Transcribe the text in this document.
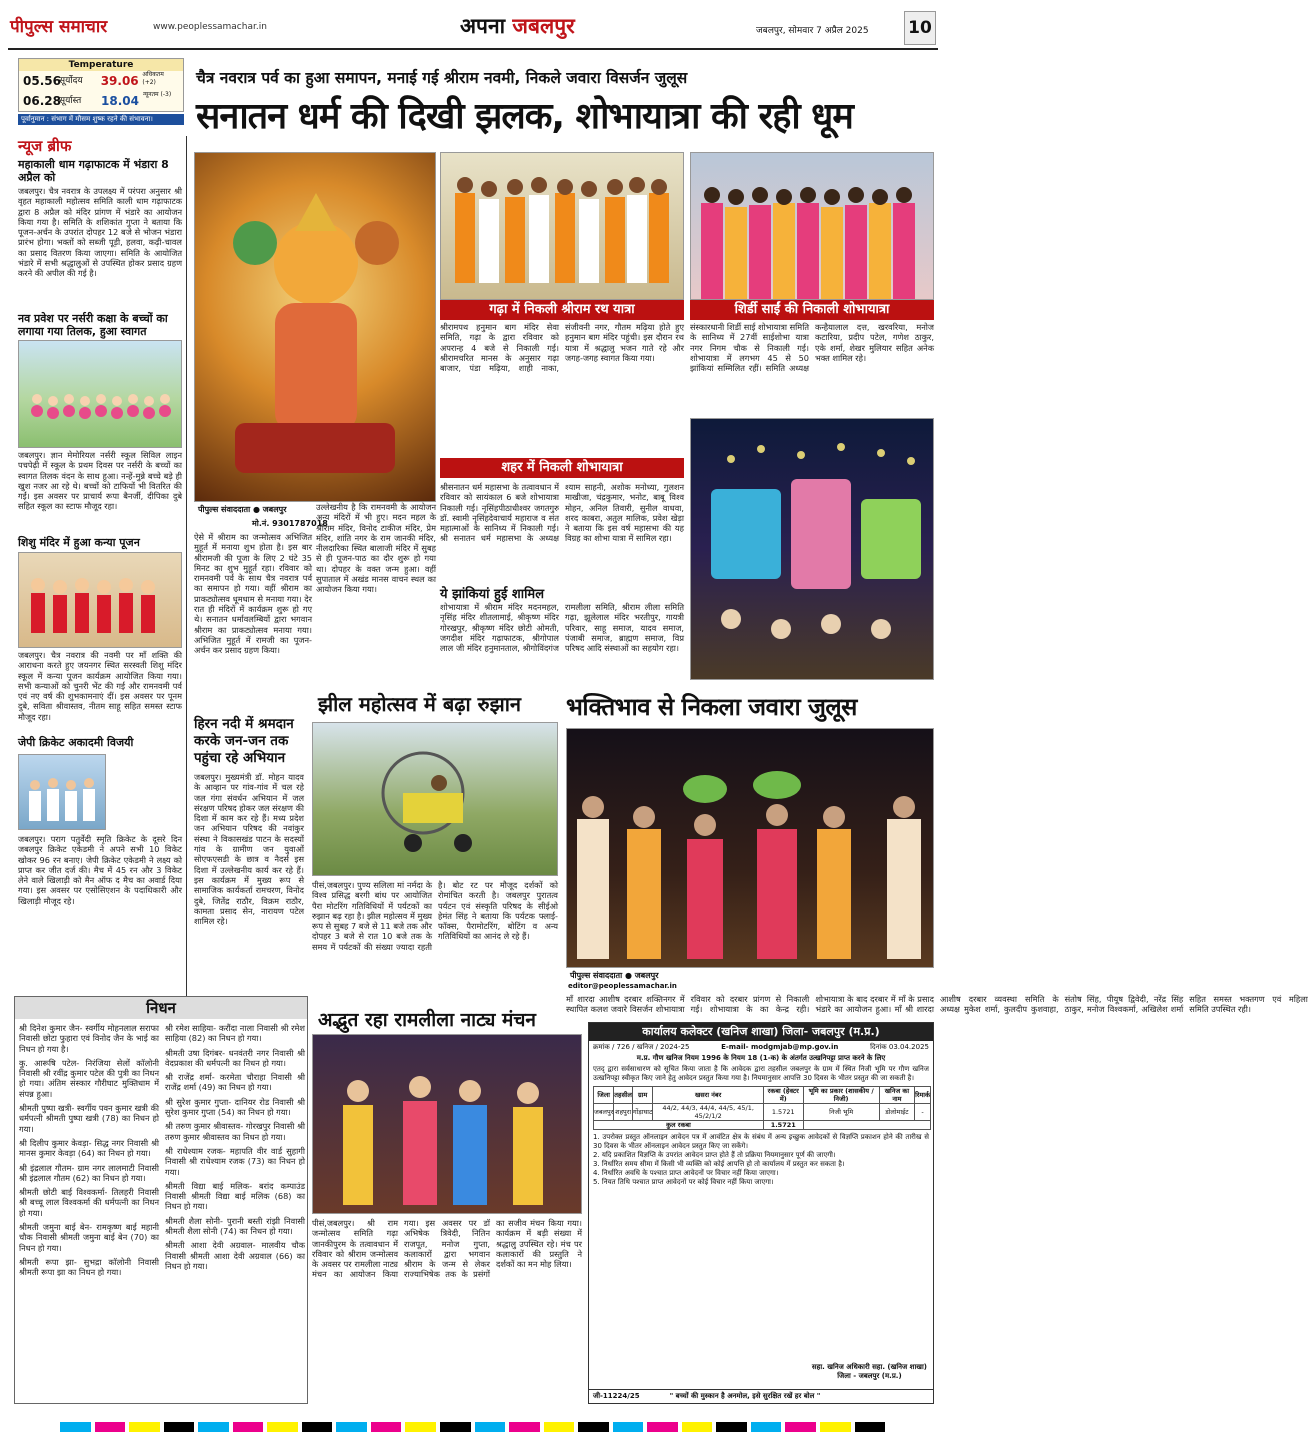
पीपुल्स समाचार	www.peoplessamachar.in	अपना जबलपुर	जबलपुर, सोमवार 7 अप्रैल 2025 10
Temperature
05.56
सूर्योदय	39.06 अधिकतम (+2)
06.28
सूर्यास्त	18.04 न्यूनतम (-3)
पूर्वानुमान : संभाग में मौसम शुष्क रहने की संभावना।
चैत्र नवरात्र पर्व का हुआ समापन, मनाई गई श्रीराम नवमी, निकले जवारा विसर्जन जुलूस
सनातन धर्म की दिखी झलक, शोभायात्रा की रही धूम
न्यूज ब्रीफ
महाकाली धाम गढ़ाफाटक में भंडारा 8 अप्रैल को
जबलपुर। चैत्र नवरात्र के उपलक्ष्य में परंपरा अनुसार श्री वृहत महाकाली महोत्सव समिति काली धाम गढ़ाफाटक द्वारा 8 अप्रैल को मंदिर प्रांगण में भंडारे का आयोजन किया गया है। समिति के शशिकांत गुप्ता ने बताया कि पूजन-अर्चन के उपरांत दोपहर 12 बजे से भोजन भंडारा प्रारंभ होगा। भक्तों को सब्जी पूड़ी, हलवा, कढ़ी-चावल का प्रसाद वितरण किया जाएगा। समिति के आयोजित भंडारे में सभी श्रद्धालुओं से उपस्थित होकर प्रसाद ग्रहण करने की अपील की गई है।
नव प्रवेश पर नर्सरी कक्षा के बच्चों का लगाया गया तिलक, हुआ स्वागत
जबलपुर। ज्ञान मेमोरियल नर्सरी स्कूल सिविल लाइन पचपेढ़ी में स्कूल के प्रथम दिवस पर नर्सरी के बच्चों का स्वागत तिलक वंदन के साथ हुआ। नन्हें-मुन्ने बच्चे बड़े ही खुश नजर आ रहे थे। बच्चों को टाफियों भी वितरित की गईं। इस अवसर पर प्राचार्य रूपा बैनर्जी, दीपिका दुबे सहित स्कूल का स्टाफ मौजूद रहा।
शिशु मंदिर में हुआ कन्या पूजन
जबलपुर। चैत्र नवरात्र की नवमी पर माँ शक्ति की आराधना करते हुए जयनगर स्थित सरस्वती शिशु मंदिर स्कूल में कन्या पूजन कार्यक्रम आयोजित किया गया। सभी कन्याओं को चुनरी भेंट की गई और रामनवमी पर्व एवं नए वर्ष की शुभकामनाएं दीं। इस अवसर पर पूनम दुबे, सविता श्रीवास्तव, नीतम साहू सहित समस्त स्टाफ मौजूद रहा।
जेपी क्रिकेट अकादमी विजयी
जबलपुर। पराग पतुर्वेदी स्मृति क्रिकेट के दूसरे दिन जबलपुर क्रिकेट एकेडमी ने अपने सभी 10 विकेट खोकर 96 रन बनाए। जेपी क्रिकेट एकेडमी ने लक्ष्य को प्राप्त कर जीत दर्ज की। मैच में 45 रन और 3 विकेट लेने वाले खिलाड़ी को मैन ऑफ द मैच का अवार्ड दिया गया। इस अवसर पर एसोसिएशन के पदाधिकारी और खिलाड़ी मौजूद रहे।
पीपुल्स संवाददाता ● जबलपुर
मो.नं. 9301787018
ऐसे में श्रीराम का जन्मोत्सव अभिजित मुहूर्त में मनाया शुभ होता है। इस बार श्रीरामजी की पूजा के लिए 2 घंटे 35 मिनट का शुभ मुहूर्त रहा। रविवार को रामनवमी पर्व के साथ चैत्र नवरात्र पर्व का समापन हो गया। वहीं श्रीराम का प्राकट्योत्सव धूमधाम से मनाया गया। देर रात ही मंदिरों में कार्यक्रम शुरू हो गए थे। सनातन धर्मावलम्बियों द्वारा भगवान श्रीराम का प्राकट्योत्सव मनाया गया। अभिजित मुहूर्त में रामजी का पूजन-अर्चन कर प्रसाद ग्रहण किया।
उल्लेखनीय है कि रामनवमी के आयोजन अन्य मंदिरों में भी हुए। मदन महल के श्रीराम मंदिर, विनोद टाकीज मंदिर, प्रेम मंदिर, शांति नगर के राम जानकी मंदिर, नीलदारिका स्थित बालाजी मंदिर में सुबह से ही पूजन-पाठ का दौर शुरू हो गया था। दोपहर के वक्त जन्म हुआ। वहीं सुपाताल में अखंड मानस वाचन स्थल का आयोजन किया गया।
गढ़ा में निकली श्रीराम रथ यात्रा
श्रीरामपथ हनुमान बाग मंदिर सेवा समिति, गढ़ा के द्वारा रविवार को अपरान्ह 4 बजे से निकाली गई। श्रीरामचरित मानस के अनुसार गढ़ा बाजार, पंडा मढ़िया, शाही नाका, संजीवनी नगर, गौतम मढ़िया होते हुए हनुमान बाग मंदिर पहुंची। इस दौरान रथ यात्रा में श्रद्धालु भजन गाते रहे और जगह-जगह स्वागत किया गया।
शिर्डी साईं की निकाली शोभायात्रा
संस्कारधानी शिर्डी साई शोभायात्रा समिति के सानिध्य में 27वीं साईशोभा यात्रा नगर निगम चौक से निकाली गई। शोभायात्रा में लगभग 45 से 50 झांकियां सम्मिलित रहीं। समिति अध्यक्ष कन्हैयालाल दत्त, खरवरिया, मनोज कटारिया, प्रदीप पटेल, गणेश ठाकुर, एके शर्मा, शेखर मुलियार सहित अनेक भक्त शामिल रहे।
शहर में निकली शोभायात्रा
श्रीसनातन धर्म महासभा के तत्वावधान में रविवार को सायंकाल 6 बजे शोभायात्रा निकाली गई। नृसिंहपीठाधीश्वर जगतगुरु डॉ. स्वामी नृसिंहदेवाचार्य महाराज व संत महात्माओं के सानिध्य में निकाली गई। श्री सनातन धर्म महासभा के अध्यक्ष श्याम साहनी, अशोक मनोध्या, गुलशन माखीजा, चंद्रकुमार, भनोट, बाबू विश्व मोहन, अनिल तिवारी, सुनील वाधवा, शरद काबरा, अतुल मालिक, प्रवेश खेड़ा ने बताया कि इस वर्ष महासभा की यह विग्रह का शोभा यात्रा में सामिल रहा।
ये झांकियां हुई शामिल
शोभायात्रा में श्रीराम मंदिर मदनमहल, नृसिंह मंदिर शीतलामाई, श्रीकृष्ण मंदिर गोरखपुर, श्रीकृष्ण मंदिर छोटी ओमती, जगदीश मंदिर गढ़ाफाटक, श्रीगोपाल लाल जी मंदिर हनुमानताल, श्रीगोविंदगंज रामलीला समिति, श्रीराम लीला समिति गढ़ा, झूलेलाल मंदिर भरतीपुर, गायत्री परिवार, साहू समाज, यादव समाज, पंजाबी समाज, ब्राह्मण समाज, विप्र परिषद आदि संस्थाओं का सहयोग रहा।
हिरन नदी में श्रमदान करके जन-जन तक पहुंचा रहे अभियान
जबलपुर। मुख्यमंत्री डॉ. मोहन यादव के आव्हान पर गांव-गांव में चल रहे जल गंगा संवर्धन अभियान में जल संरक्षण परिषद होकर जल संरक्षण की दिशा में काम कर रहे हैं। मध्य प्रदेश जन अभियान परिषद की नवांकुर संस्था ने विकासखंड पाटन के सदस्यों गांव के ग्रामीण जन युवाओं सोएफएसडी के छात्र व नैदर्स इस दिशा में उल्लेखनीय कार्य कर रहे हैं। इस कार्यक्रम में मुख्य रूप से सामाजिक कार्यकर्ता रामचरण, विनोद दुबे, जितेंद्र राठौर, विक्रम राठौर, कामता प्रसाद सेन, नारायण पटेल शामिल रहे।
झील महोत्सव में बढ़ा रुझान
पीसं,जबलपुर। पुण्य सलिला मां नर्मदा के विश्व प्रसिद्ध बरगी बांध पर आयोजित पैरा मोटरिंग गतिविधियों में पर्यटकों का रुझान बढ़ रहा है। झील महोत्सव में मुख्य रूप से सुबह 7 बजे से 11 बजे तक और दोपहर 3 बजे से रात 10 बजे तक के समय में पर्यटकों की संख्या ज्यादा रहती है। बोट रट पर मौजूद दर्शकों को रोमांचित करती है। जबलपुर पुरातत्व पर्यटन एवं संस्कृति परिषद के सीईओ हेमंत सिंह ने बताया कि पर्यटक फ्लाई-फॉक्स, पैरामोटरिंग, बोटिंग व अन्य गतिविधियों का आनंद ले रहे हैं।
भक्तिभाव से निकला जवारा जुलूस
पीपुल्स संवाददाता ● जबलपुर
editor@peoplessamachar.in
माँ शारदा आशीष दरबार शक्तिनगर में स्थापित कलश जवारे विसर्जन शोभायात्रा रविवार को दरबार प्रांगण से निकाली गई। शोभायात्रा के का केन्द्र रही। शोभायात्रा के बाद दरबार में माँ के प्रसाद भंडारे का आयोजन हुआ। माँ श्री शारदा आशीष दरबार व्यवस्था समिति के अध्यक्ष मुकेश शर्मा, कुलदीप कुशवाहा, संतोष सिंह, पीयूष द्विवेदी, नरेंद्र सिंह ठाकुर, मनोज विश्वकर्मा, अखिलेश शर्मा सहित समस्त भक्तगण एवं महिला समिति उपस्थित रही।
निधन
श्री दिनेश कुमार जैन- स्वर्गीय मोहनलाल सराफा निवासी छोटा फुहारा एवं विनोद जैन के भाई का निधन हो गया है।
कु. आरूषि पटेल- निरंजिया सेलों कॉलोनी निवासी श्री रवींद्र कुमार पटेल की पुत्री का निधन हो गया। अंतिम संस्कार गौरीघाट मुक्तिधाम में संपन्न हुआ।
श्रीमती पुष्पा खत्री- स्वर्गीय पवन कुमार खत्री की धर्मपत्नी श्रीमती पुष्पा खत्री (78) का निधन हो गया।
श्री दिलीप कुमार केवड़ा- सिद्ध नगर निवासी श्री मानस कुमार केवड़ा (64) का निधन हो गया।
श्री इंद्रलाल गौतम- ग्राम नगर लालमाटी निवासी श्री इंद्रलाल गौतम (62) का निधन हो गया।
श्रीमती छोटी बाई विश्वकर्मा- तिलहरी निवासी श्री बच्चू लाल विश्वकर्मा की धर्मपत्नी का निधन हो गया।
श्रीमती जमुना बाई बेन- रामकृष्ण बाई महानी चौक निवासी श्रीमती जमुना बाई बेन (70) का निधन हो गया।
श्रीमती रूपा झा- सुभद्रा कॉलोनी निवासी श्रीमती रूपा झा का निधन हो गया।
श्री रमेश साहिया- करौंदा नाला निवासी श्री रमेश साहिया (82) का निधन हो गया।
श्रीमती उषा दिगंबर- धनवंतरी नगर निवासी श्री वेदप्रकाश की धर्मपत्नी का निधन हो गया।
श्री राजेंद्र शर्मा- करमेता चौराहा निवासी श्री राजेंद्र शर्मा (49) का निधन हो गया।
श्री सुरेश कुमार गुप्ता- दानियर रोड निवासी श्री सुरेश कुमार गुप्ता (54) का निधन हो गया।
श्री तरुण कुमार श्रीवास्तव- गोरखपुर निवासी श्री तरुण कुमार श्रीवास्तव का निधन हो गया।
श्री राधेश्याम रजक- महापति वीर वार्ड सुहागी निवासी श्री राधेश्याम रजक (73) का निधन हो गया।
श्रीमती विद्या बाई मलिक- बरांद कम्पाउंड निवासी श्रीमती विद्या बाई मलिक (68) का निधन हो गया।
श्रीमती शैला सोनी- पुरानी बस्ती रांझी निवासी श्रीमती शैला सोनी (74) का निधन हो गया।
श्रीमती आशा देवी अग्रवाल- मालवीय चौक निवासी श्रीमती आशा देवी अग्रवाल (66) का निधन हो गया।
अद्भुत रहा रामलीला नाट्य मंचन
पीसं,जबलपुर। श्री राम जन्मोत्सव समिति गढ़ा जानकीपुरम के तत्वावधान में रविवार को श्रीराम जन्मोत्सव के अवसर पर रामलीला नाट्य मंचन का आयोजन किया गया। इस अवसर पर डॉ अभिषेक त्रिवेदी, नितिन राजपूत, मनोज गुप्ता, कलाकारों द्वारा भगवान श्रीराम के जन्म से लेकर राज्याभिषेक तक के प्रसंगों का सजीव मंचन किया गया। कार्यक्रम में बड़ी संख्या में श्रद्धालु उपस्थित रहे। मंच पर कलाकारों की प्रस्तुति ने दर्शकों का मन मोह लिया।
कार्यालय कलेक्टर (खनिज शाखा) जिला- जबलपुर (म.प्र.)
क्रमांक / 726 / खनिज / 2024-25	E-mail- modgmjab@mp.gov.in	दिनांक 03.04.2025
म.प्र. गौण खनिज नियम 1996 के नियम 18 (1-क) के अंतर्गत उत्खनिपट्टा प्राप्त करने के लिए
एतद् द्वारा सर्वसाधारण को सूचित किया जाता है कि आवेदक द्वारा तहसील जबलपुर के ग्राम में स्थित निजी भूमि पर गौण खनिज उत्खनिपट्टा स्वीकृत किए जाने हेतु आवेदन प्रस्तुत किया गया है। नियमानुसार आपत्ति 30 दिवस के भीतर प्रस्तुत की जा सकती है।
जिला	तहसील	ग्राम	खसरा नंबर	रकबा (हेक्टर में)	भूमि का प्रकार (शासकीय / निजी)	खनिज का नाम	रिमार्क
जबलपुर	शहपुरा	गोंड़ाघाट	44/2, 44/3, 44/4, 44/5, 45/1, 45/2/1/2	1.5721	निजी भूमि	डोलोमाईट	-
कुल रकबा				1.5721			
1. उपरोक्त प्रस्तुत ऑनलाइन आवेदन पत्र में आवंटित क्षेत्र के संबंध में अन्य इच्छुक आवेदकों से विज्ञप्ति प्रकाशन होने की तारीख से 30 दिवस के भीतर ऑनलाइन आवेदन प्रस्तुत किए जा सकेंगे।
2. यदि प्रकाशित विज्ञप्ति के उपरांत आवेदन प्राप्त होते हैं तो प्रक्रिया नियमानुसार पूर्ण की जाएगी।
3. निर्धारित समय सीमा में किसी भी व्यक्ति को कोई आपत्ति हो तो कार्यालय में प्रस्तुत कर सकता है।
4. निर्धारित अवधि के पश्चात प्राप्त आवेदनों पर विचार नहीं किया जाएगा।
5. नियत तिथि पश्चात प्राप्त आवेदनों पर कोई विचार नहीं किया जाएगा।
सहा. खनिज अधिकारी सहा. (खनिज शाखा)
जिला - जबलपुर (म.प्र.)
जी-11224/25	" बच्चों की मुस्कान है अनमोल, इसे सुरक्षित रखें हर बोल "
